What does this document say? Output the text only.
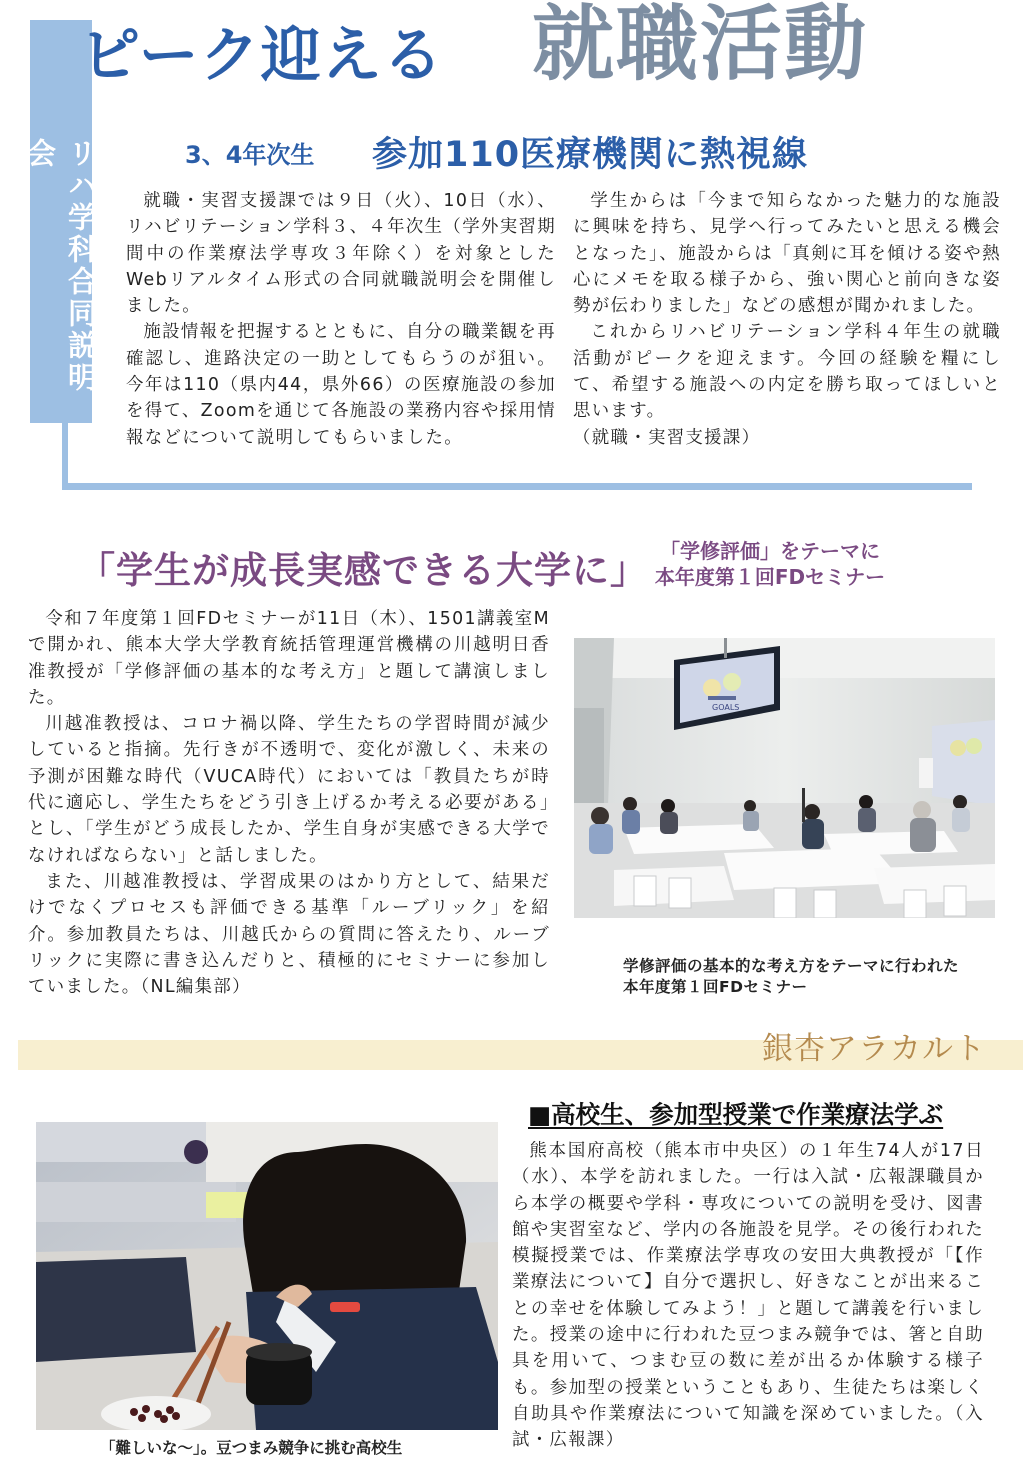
リハ学科合同説明会
ピーク迎える 就職活動
3、4年次生 参加110医療機関に熱視線

就職・実習支援課では９日（火）、10日（水）、リハビリテーション学科３、４年次生（学外実習期間中の作業療法学専攻３年除く）を対象としたWebリアルタイム形式の合同就職説明会を開催しました。

施設情報を把握するとともに、自分の職業観を再確認し、進路決定の一助としてもらうのが狙い。今年は110（県内44，県外66）の医療施設の参加を得て、Zoomを通じて各施設の業務内容や採用情報などについて説明してもらいました。

学生からは「今まで知らなかった魅力的な施設に興味を持ち、見学へ行ってみたいと思える機会となった」、施設からは「真剣に耳を傾ける姿や熱心にメモを取る様子から、強い関心と前向きな姿勢が伝わりました」などの感想が聞かれました。

これからリハビリテーション学科４年生の就職活動がピークを迎えます。今回の経験を糧にして、希望する施設への内定を勝ち取ってほしいと思います。

（就職・実習支援課）

「学生が成長実感できる大学に」 「学修評価」をテーマに
本年度第１回FDセミナー

令和７年度第１回FDセミナーが11日（木）、1501講義室Mで開かれ、熊本大学大学教育統括管理運営機構の川越明日香准教授が「学修評価の基本的な考え方」と題して講演しました。

川越准教授は、コロナ禍以降、学生たちの学習時間が減少していると指摘。先行きが不透明で、変化が激しく、未来の予測が困難な時代（VUCA時代）においては「教員たちが時代に適応し、学生たちをどう引き上げるか考える必要がある」とし、「学生がどう成長したか、学生自身が実感できる大学でなければならない」と話しました。

また、川越准教授は、学習成果のはかり方として、結果だけでなくプロセスも評価できる基準「ルーブリック」を紹介。参加教員たちは、川越氏からの質問に答えたり、ルーブリックに実際に書き込んだりと、積極的にセミナーに参加していました。（NL編集部）

GOALS
学修評価の基本的な考え方をテーマに行われた
本年度第１回FDセミナー
銀杏アラカルト
■高校生、参加型授業で作業療法学ぶ

熊本国府高校（熊本市中央区）の１年生74人が17日（水）、本学を訪れました。一行は入試・広報課職員から本学の概要や学科・専攻についての説明を受け、図書館や実習室など、学内の各施設を見学。その後行われた模擬授業では、作業療法学専攻の安田大典教授が「【作業療法について】自分で選択し、好きなことが出来ることの幸せを体験してみよう！」と題して講義を行いました。授業の途中に行われた豆つまみ競争では、箸と自助具を用いて、つまむ豆の数に差が出るか体験する様子も。参加型の授業ということもあり、生徒たちは楽しく自助具や作業療法について知識を深めていました。（入試・広報課）

「難しいな〜」。豆つまみ競争に挑む高校生
